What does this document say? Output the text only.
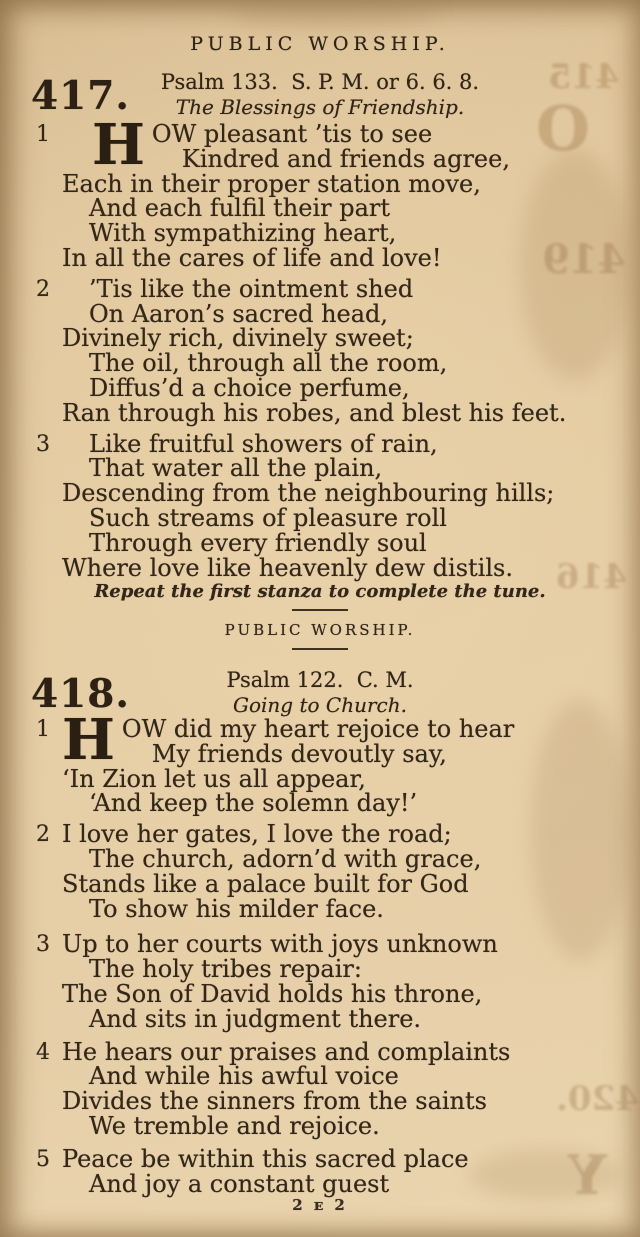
415
O
419
416
420.
Y
PUBLIC WORSHIP.
417.	Psalm 133.  S. P. M. or 6. 6. 8.
The Blessings of Friendship.
1 H OW pleasant ’tis to see
Kindred and friends agree,
Each in their proper station move,
And each fulfil their part
With sympathizing heart,
In all the cares of life and love!
2	’Tis like the ointment shed
On Aaron’s sacred head,
Divinely rich, divinely sweet;
The oil, through all the room,
Diffus’d a choice perfume,
Ran through his robes, and blest his feet.
3	Like fruitful showers of rain,
That water all the plain,
Descending from the neighbouring hills;
Such streams of pleasure roll
Through every friendly soul
Where love like heavenly dew distils.
Repeat the first stanza to complete the tune.
PUBLIC WORSHIP.
418.	Psalm 122.  C. M.
Going to Church.
1 H OW did my heart rejoice to hear
My friends devoutly say,
‘In Zion let us all appear,
‘And keep the solemn day!’
2 I love her gates, I love the road;
The church, adorn’d with grace,
Stands like a palace built for God
To show his milder face.
3 Up to her courts with joys unknown
The holy tribes repair:
The Son of David holds his throne,
And sits in judgment there.
4 He hears our praises and complaints
And while his awful voice
Divides the sinners from the saints
We tremble and rejoice.
5 Peace be within this sacred place
And joy a constant guest
2 ᴇ 2
